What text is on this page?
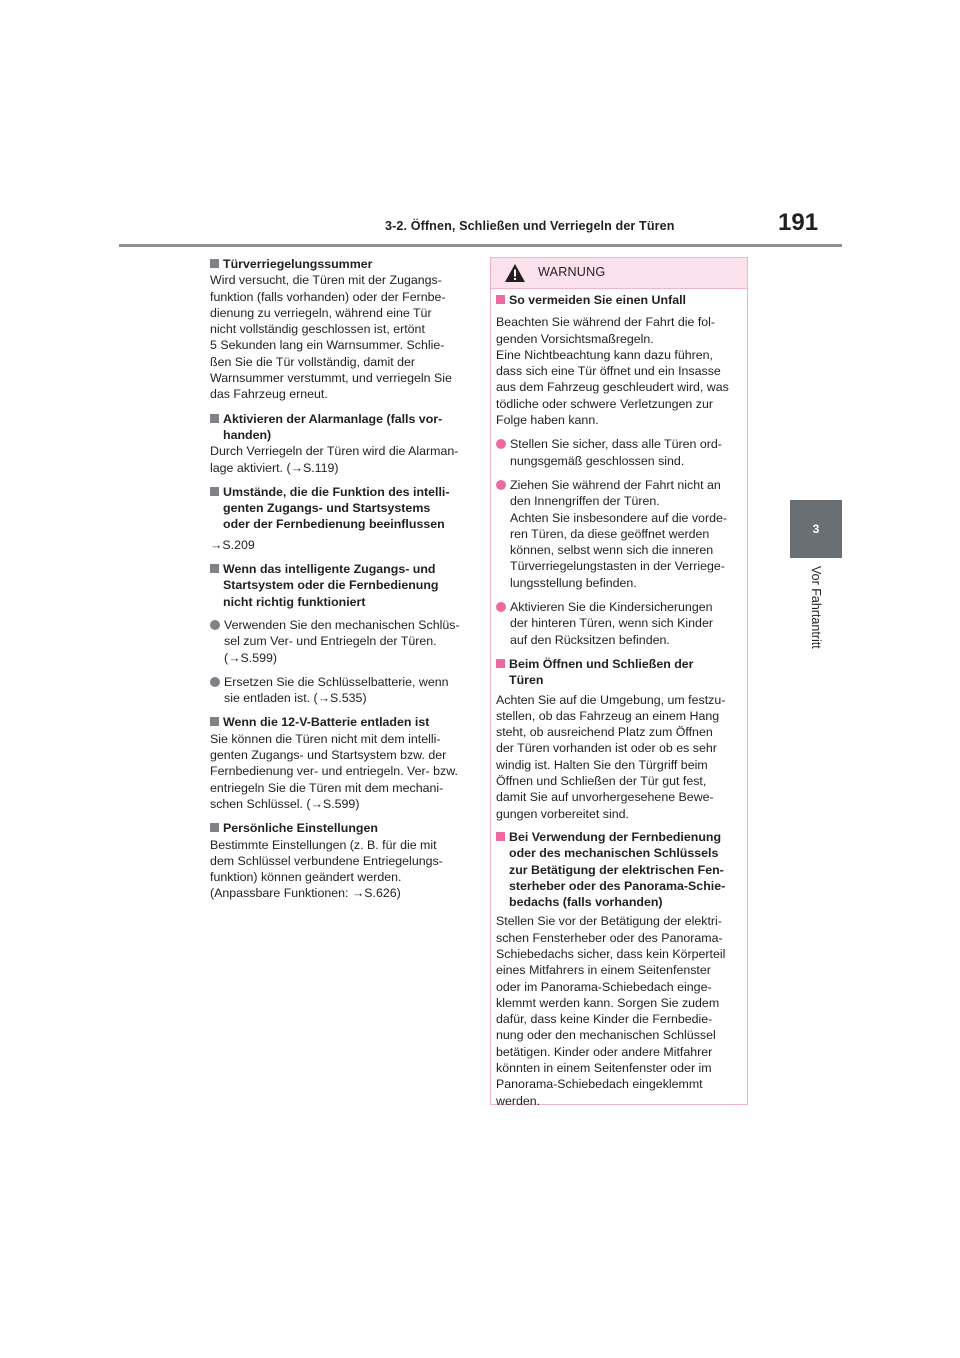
3-2. Öffnen, Schließen und Verriegeln der Türen	191
3
Vor Fahrtantritt
Türverriegelungssummer

Wird versucht, die Türen mit der Zugangs-
funktion (falls vorhanden) oder der Fernbe-
dienung zu verriegeln, während eine Tür
nicht vollständig geschlossen ist, ertönt
5 Sekunden lang ein Warnsummer. Schlie-
ßen Sie die Tür vollständig, damit der
Warnsummer verstummt, und verriegeln Sie
das Fahrzeug erneut.

Aktivieren der Alarmanlage (falls vor-
handen)

Durch Verriegeln der Türen wird die Alarman-
lage aktiviert. (→S.119)

Umstände, die die Funktion des intelli-
genten Zugangs- und Startsystems
oder der Fernbedienung beeinflussen

→S.209

Wenn das intelligente Zugangs- und
Startsystem oder die Fernbedienung
nicht richtig funktioniert
Verwenden Sie den mechanischen Schlüs-
sel zum Ver- und Entriegeln der Türen.
(→S.599)
Ersetzen Sie die Schlüsselbatterie, wenn
sie entladen ist. (→S.535)
Wenn die 12-V-Batterie entladen ist

Sie können die Türen nicht mit dem intelli-
genten Zugangs- und Startsystem bzw. der
Fernbedienung ver- und entriegeln. Ver- bzw.
entriegeln Sie die Türen mit dem mechani-
schen Schlüssel. (→S.599)

Persönliche Einstellungen

Bestimmte Einstellungen (z. B. für die mit
dem Schlüssel verbundene Entriegelungs-
funktion) können geändert werden.
(Anpassbare Funktionen: →S.626)

WARNUNG
So vermeiden Sie einen Unfall

Beachten Sie während der Fahrt die fol-
genden Vorsichtsmaßregeln.
Eine Nichtbeachtung kann dazu führen,
dass sich eine Tür öffnet und ein Insasse
aus dem Fahrzeug geschleudert wird, was
tödliche oder schwere Verletzungen zur
Folge haben kann.

Stellen Sie sicher, dass alle Türen ord-
nungsgemäß geschlossen sind.
Ziehen Sie während der Fahrt nicht an
den Innengriffen der Türen.
Achten Sie insbesondere auf die vorde-
ren Türen, da diese geöffnet werden
können, selbst wenn sich die inneren
Türverriegelungstasten in der Verriege-
lungsstellung befinden.
Aktivieren Sie die Kindersicherungen
der hinteren Türen, wenn sich Kinder
auf den Rücksitzen befinden.
Beim Öffnen und Schließen der
Türen

Achten Sie auf die Umgebung, um festzu-
stellen, ob das Fahrzeug an einem Hang
steht, ob ausreichend Platz zum Öffnen
der Türen vorhanden ist oder ob es sehr
windig ist. Halten Sie den Türgriff beim
Öffnen und Schließen der Tür gut fest,
damit Sie auf unvorhergesehene Bewe-
gungen vorbereitet sind.

Bei Verwendung der Fernbedienung
oder des mechanischen Schlüssels
zur Betätigung der elektrischen Fen-
sterheber oder des Panorama-Schie-
bedachs (falls vorhanden)

Stellen Sie vor der Betätigung der elektri-
schen Fensterheber oder des Panorama-
Schiebedachs sicher, dass kein Körperteil
eines Mitfahrers in einem Seitenfenster
oder im Panorama-Schiebedach einge-
klemmt werden kann. Sorgen Sie zudem
dafür, dass keine Kinder die Fernbedie-
nung oder den mechanischen Schlüssel
betätigen. Kinder oder andere Mitfahrer
könnten in einem Seitenfenster oder im
Panorama-Schiebedach eingeklemmt
werden.
